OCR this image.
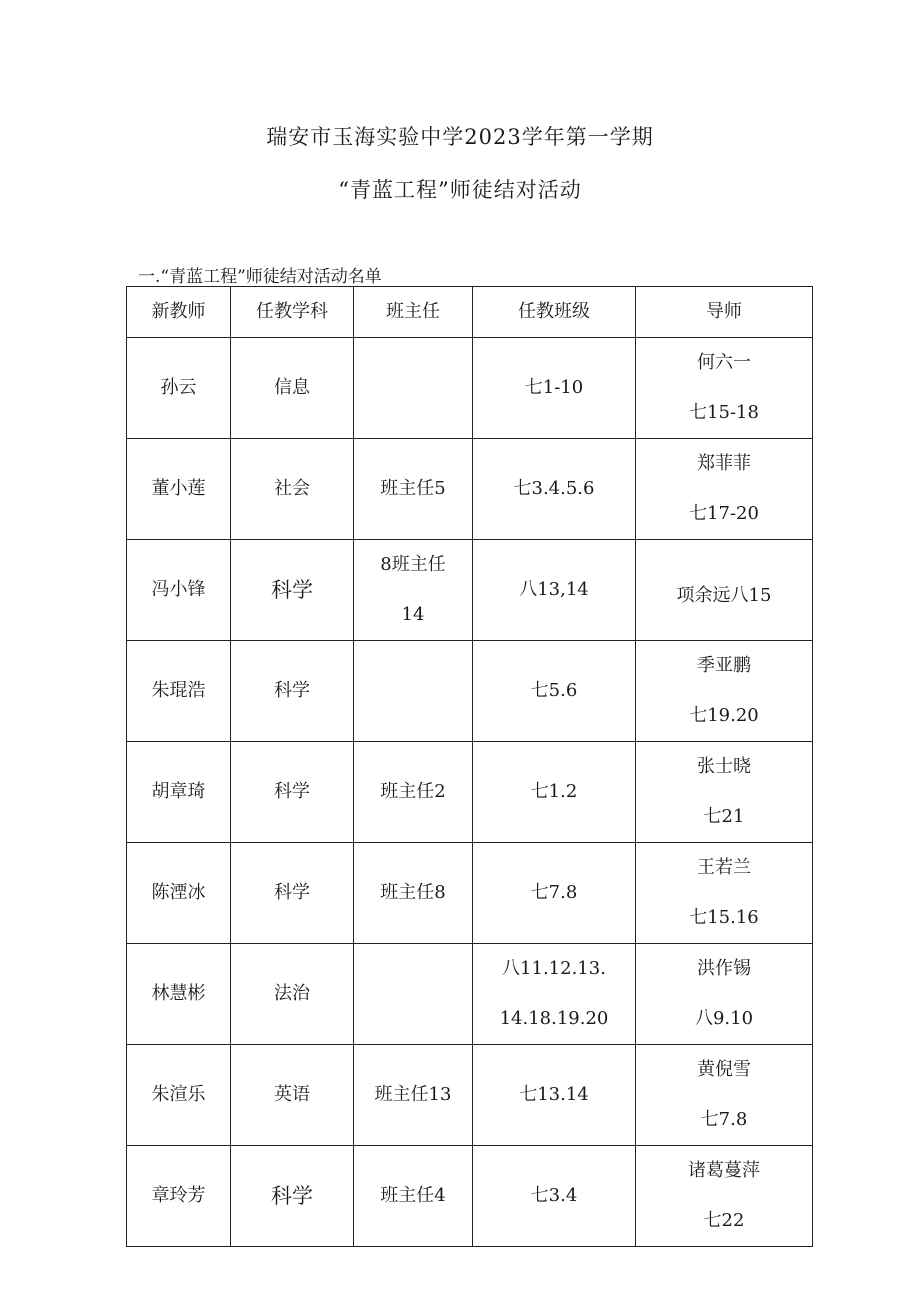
瑞安市玉海实验中学2023学年第一学期
“青蓝工程”师徒结对活动
一.“青蓝工程”师徒结对活动名单
新教师	任教学科	班主任	任教班级	导师
孙云	信息		七1-10	何六一
七15-18

董小莲	社会	班主任5	七3.4.5.6	郑菲菲
七17-20

冯小锋	科学	8班主任
14	八13,14	项余远八15

朱琨浩	科学		七5.6	季亚鹏
七19.20

胡章琦	科学	班主任2	七1.2	张士晓
七21

陈湮冰	科学	班主任8	七7.8	王若兰
七15.16

林慧彬	法治		八11.12.13.
14.18.19.20	洪作锡
八9.10

朱渲乐	英语	班主任13	七13.14	黄倪雪
七7.8

章玲芳	科学	班主任4	七3.4	诸葛蔓萍
七22
